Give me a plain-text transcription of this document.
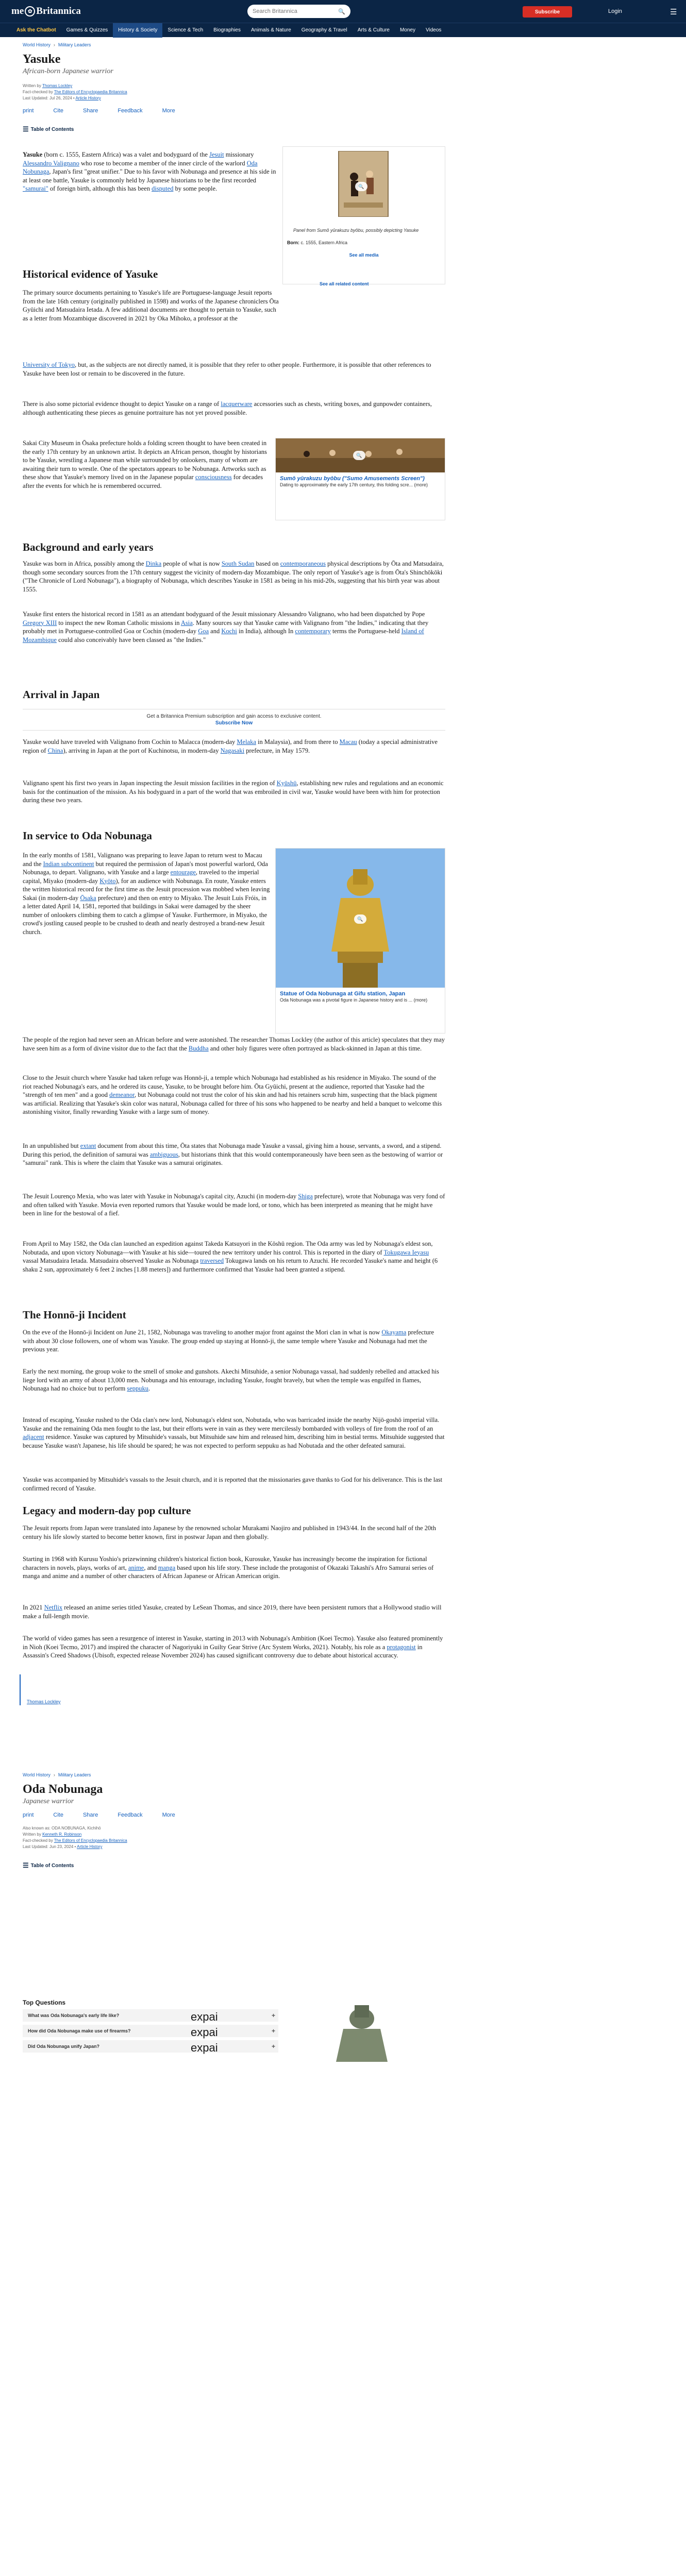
me ✿ Britannica
Search Britannica	🔍	Subscribe	Login	☰
Ask the Chatbot	Games & Quizzes	History & Society	Science & Tech	Biographies	Animals & Nature	Geography & Travel	Arts & Culture	Money	Videos
World History › Military Leaders
Yasuke
African-born Japanese warrior
Written by Thomas Lockley
Fact-checked by The Editors of Encyclopaedia Britannica
Last Updated: Jul 26, 2024 • Article History
print	Cite	Share	Feedback	More
☰ Table of Contents
Yasuke (born c. 1555, Eastern Africa) was a valet and bodyguard of the Jesuit missionary Alessandro Valignano who rose to become a member of the inner circle of the warlord Oda Nobunaga, Japan's first "great unifier." Due to his favor with Nobunaga and presence at his side in at least one battle, Yasuke is commonly held by Japanese historians to be the first recorded "samurai" of foreign birth, although this has been disputed by some people.	🔍
Panel from Sumō yūrakuzu byōbu, possibly depicting Yasuke
Born: c. 1555, Eastern Africa
See all media
See all related content
Historical evidence of Yasuke
The primary source documents pertaining to Yasuke's life are Portuguese-language Jesuit reports from the late 16th century (originally published in 1598) and works of the Japanese chroniclers Ōta Gyūichi and Matsudaira Ietada. A few additional documents are thought to pertain to Yasuke, such as a letter from Mozambique discovered in 2021 by Oka Mihoko, a professor at the
University of Tokyo, but, as the subjects are not directly named, it is possible that they refer to other people. Furthermore, it is possible that other references to Yasuke have been lost or remain to be discovered in the future.
There is also some pictorial evidence thought to depict Yasuke on a range of lacquerware accessories such as chests, writing boxes, and gunpowder containers, although authenticating these pieces as genuine portraiture has not yet proved possible.
Sakai City Museum in Ōsaka prefecture holds a folding screen thought to have been created in the early 17th century by an unknown artist. It depicts an African person, thought by historians to be Yasuke, wrestling a Japanese man while surrounded by onlookers, many of whom are awaiting their turn to wrestle. One of the spectators appears to be Nobunaga. Artworks such as these show that Yasuke's memory lived on in the Japanese popular consciousness for decades after the events for which he is remembered occurred.
🔍
Sumō yūrakuzu byōbu ("Sumo Amusements Screen")
Dating to approximately the early 17th century, this folding scre... (more)
Background and early years
Yasuke was born in Africa, possibly among the Dinka people of what is now South Sudan based on contemporaneous physical descriptions by Ōta and Matsudaira, though some secondary sources from the 17th century suggest the vicinity of modern-day Mozambique. The only report of Yasuke's age is from Ōta's Shinchōkōki ("The Chronicle of Lord Nobunaga"), a biography of Nobunaga, which describes Yasuke in 1581 as being in his mid-20s, suggesting that his birth year was about 1555.
Yasuke first enters the historical record in 1581 as an attendant bodyguard of the Jesuit missionary Alessandro Valignano, who had been dispatched by Pope Gregory XIII to inspect the new Roman Catholic missions in Asia. Many sources say that Yasuke came with Valignano from "the Indies," indicating that they probably met in Portuguese-controlled Goa or Cochin (modern-day Goa and Kochi in India), although In contemporary terms the Portuguese-held Island of Mozambique could also conceivably have been classed as "the Indies."
Arrival in Japan
Get a Britannica Premium subscription and gain access to exclusive content.
Subscribe Now
Yasuke would have traveled with Valignano from Cochin to Malacca (modern-day Melaka in Malaysia), and from there to Macau (today a special administrative region of China), arriving in Japan at the port of Kuchinotsu, in modern-day Nagasaki prefecture, in May 1579.
Valignano spent his first two years in Japan inspecting the Jesuit mission facilities in the region of Kyūshū, establishing new rules and regulations and an economic basis for the continuation of the mission. As his bodyguard in a part of the world that was embroiled in civil war, Yasuke would have been with him for protection during these two years.
In service to Oda Nobunaga
In the early months of 1581, Valignano was preparing to leave Japan to return west to Macau and the Indian subcontinent but required the permission of Japan's most powerful warlord, Oda Nobunaga, to depart. Valignano, with Yasuke and a large entourage, traveled to the imperial capital, Miyako (modern-day Kyōto), for an audience with Nobunaga. En route, Yasuke enters the written historical record for the first time as the Jesuit procession was mobbed when leaving Sakai (in modern-day Ōsaka prefecture) and then on entry to Miyako. The Jesuit Luis Fróis, in a letter dated April 14, 1581, reported that buildings in Sakai were damaged by the sheer number of onlookers climbing them to catch a glimpse of Yasuke. Furthermore, in Miyako, the crowd's jostling caused people to be crushed to death and nearly destroyed a brand-new Jesuit church.
🔍
Statue of Oda Nobunaga at Gifu station, Japan
Oda Nobunaga was a pivotal figure in Japanese history and is ... (more)
The people of the region had never seen an African before and were astonished. The researcher Thomas Lockley (the author of this article) speculates that they may have seen him as a form of divine visitor due to the fact that the Buddha and other holy figures were often portrayed as black-skinned in Japan at this time.
Close to the Jesuit church where Yasuke had taken refuge was Honnō-ji, a temple which Nobunaga had established as his residence in Miyako. The sound of the riot reached Nobunaga's ears, and he ordered its cause, Yasuke, to be brought before him. Ōta Gyūichi, present at the audience, reported that Yasuke had the "strength of ten men" and a good demeanor, but Nobunaga could not trust the color of his skin and had his retainers scrub him, suspecting that the black pigment was artificial. Realizing that Yasuke's skin color was natural, Nobunaga called for three of his sons who happened to be nearby and held a banquet to welcome this astonishing visitor, finally rewarding Yasuke with a large sum of money.
In an unpublished but extant document from about this time, Ōta states that Nobunaga made Yasuke a vassal, giving him a house, servants, a sword, and a stipend. During this period, the definition of samurai was ambiguous, but historians think that this would contemporaneously have been seen as the bestowing of warrior or "samurai" rank. This is where the claim that Yasuke was a samurai originates.
The Jesuit Lourenço Mexia, who was later with Yasuke in Nobunaga's capital city, Azuchi (in modern-day Shiga prefecture), wrote that Nobunaga was very fond of and often talked with Yasuke. Movia even reported rumors that Yasuke would be made lord, or tono, which has been interpreted as meaning that he might have been in line for the bestowal of a fief.
From April to May 1582, the Oda clan launched an expedition against Takeda Katsuyori in the Kōshū region. The Oda army was led by Nobunaga's eldest son, Nobutada, and upon victory Nobunaga—with Yasuke at his side—toured the new territory under his control. This is reported in the diary of Tokugawa Ieyasu vassal Matsudaira Ietada. Matsudaira observed Yasuke as Nobunaga traversed Tokugawa lands on his return to Azuchi. He recorded Yasuke's name and height (6 shaku 2 sun, approximately 6 feet 2 inches [1.88 meters]) and furthermore confirmed that Yasuke had been granted a stipend.
The Honnō-ji Incident
On the eve of the Honnō-ji Incident on June 21, 1582, Nobunaga was traveling to another major front against the Mori clan in what is now Okayama prefecture with about 30 close followers, one of whom was Yasuke. The group ended up staying at Honnō-ji, the same temple where Yasuke and Nobunaga had met the previous year.
Early the next morning, the group woke to the smell of smoke and gunshots. Akechi Mitsuhide, a senior Nobunaga vassal, had suddenly rebelled and attacked his liege lord with an army of about 13,000 men. Nobunaga and his entourage, including Yasuke, fought bravely, but when the temple was engulfed in flames, Nobunaga had no choice but to perform seppuku.
Instead of escaping, Yasuke rushed to the Oda clan's new lord, Nobunaga's eldest son, Nobutada, who was barricaded inside the nearby Nijō-goshō imperial villa. Yasuke and the remaining Oda men fought to the last, but their efforts were in vain as they were mercilessly bombarded with volleys of fire from the roof of an adjacent residence. Yasuke was captured by Mitsuhide's vassals, but Mitsuhide saw him and released him, describing him in bestial terms. Mitsuhide suggested that because Yasuke wasn't Japanese, his life should be spared; he was not expected to perform seppuku as had Nobutada and the other defeated samurai.
Yasuke was accompanied by Mitsuhide's vassals to the Jesuit church, and it is reported that the missionaries gave thanks to God for his deliverance. This is the last confirmed record of Yasuke.
Legacy and modern-day pop culture
The Jesuit reports from Japan were translated into Japanese by the renowned scholar Murakami Naojiro and published in 1943/44. In the second half of the 20th century his life slowly started to become better known, first in postwar Japan and then globally.
Starting in 1968 with Kurusu Yoshio's prizewinning children's historical fiction book, Kurosuke, Yasuke has increasingly become the inspiration for fictional characters in novels, plays, works of art, anime, and manga based upon his life story. These include the protagonist of Okazaki Takashi's Afro Samurai series of manga and anime and a number of other characters of African Japanese or African American origin.
In 2021 Netflix released an anime series titled Yasuke, created by LeSean Thomas, and since 2019, there have been persistent rumors that a Hollywood studio will make a full-length movie.
The world of video games has seen a resurgence of interest in Yasuke, starting in 2013 with Nobunaga's Ambition (Koei Tecmo). Yasuke also featured prominently in Nioh (Koei Tecmo, 2017) and inspired the character of Nagoriyuki in Guilty Gear Strive (Arc System Works, 2021). Notably, his role as a protagonist in Assassin's Creed Shadows (Ubisoft, expected release November 2024) has caused significant controversy due to debate about historical accuracy.
Thomas Lockley
World History › Military Leaders
Oda Nobunaga
Japanese warrior
print	Cite	Share	Feedback	More
Also known as: ODA NOBUNAGA, Kichihō
Written by Kenneth R. Robinson
Fact-checked by The Editors of Encyclopaedia Britannica
Last Updated: Jun 23, 2024 • Article History
☰ Table of Contents
Top Questions
What was Oda Nobunaga's early life like?	+
How did Oda Nobunaga make use of firearms?	+
Did Oda Nobunaga unify Japan?	+
expai
expai
expai
